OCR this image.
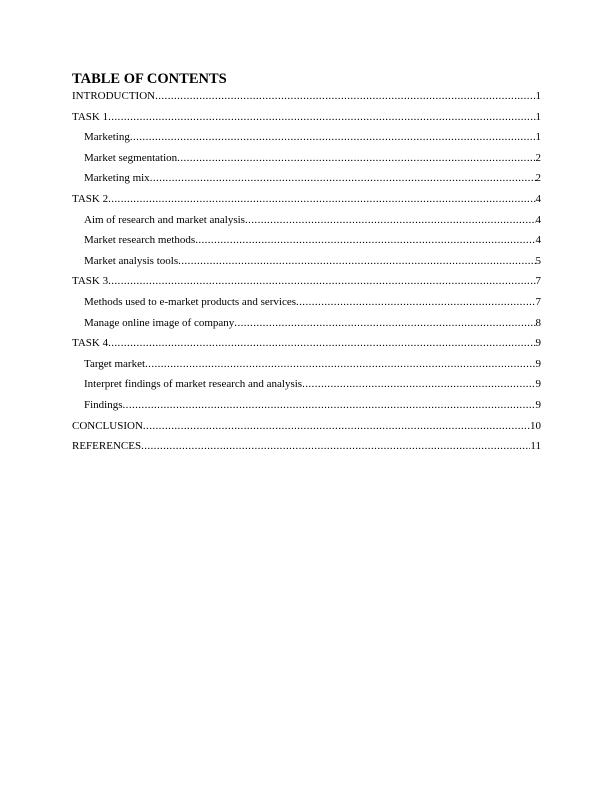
TABLE OF CONTENTS
INTRODUCTION .....	1
TASK 1 .....	1
Marketing .....	1
Market segmentation .....	2
Marketing mix .....	2
TASK 2 .....	4
Aim of research and market analysis .....	4
Market research methods .....	4
Market analysis tools .....	5
TASK 3 .....	7
Methods used to e-market products and services .....	7
Manage online image of company .....	8
TASK 4 .....	9
Target market .....	9
Interpret findings of market research and analysis .....	9
Findings .....	9
CONCLUSION .....	10
REFERENCES .....	11
